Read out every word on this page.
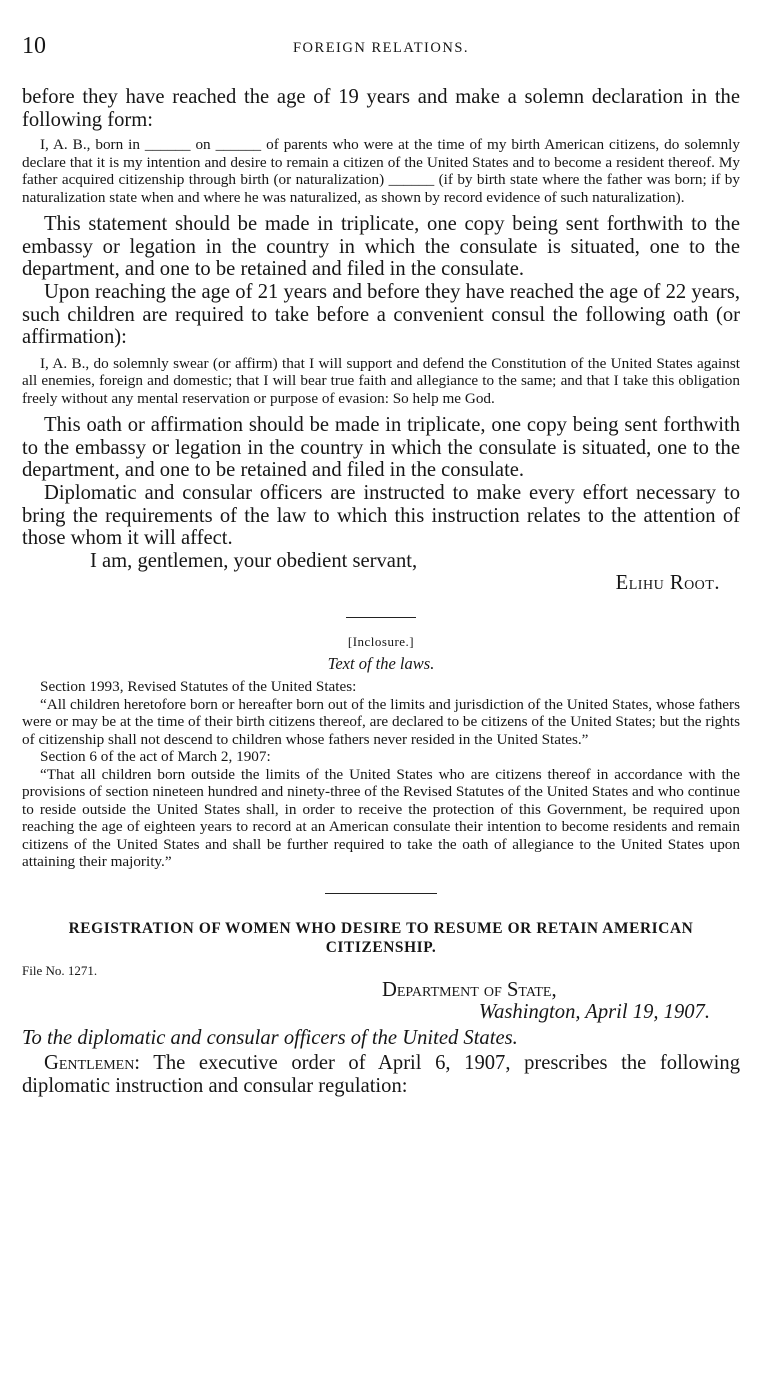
10	FOREIGN RELATIONS.

before they have reached the age of 19 years and make a solemn declaration in the following form:

I, A. B., born in ______ on ______ of parents who were at the time of my birth American citizens, do solemnly declare that it is my intention and desire to remain a citizen of the United States and to become a resident thereof. My father acquired citizenship through birth (or naturalization) ______ (if by birth state where the father was born; if by naturalization state when and where he was naturalized, as shown by record evidence of such naturalization).

This statement should be made in triplicate, one copy being sent forthwith to the embassy or legation in the country in which the consulate is situated, one to the department, and one to be retained and filed in the consulate.

Upon reaching the age of 21 years and before they have reached the age of 22 years, such children are required to take before a convenient consul the following oath (or affirmation):

I, A. B., do solemnly swear (or affirm) that I will support and defend the Constitution of the United States against all enemies, foreign and domestic; that I will bear true faith and allegiance to the same; and that I take this obligation freely without any mental reservation or purpose of evasion: So help me God.

This oath or affirmation should be made in triplicate, one copy being sent forthwith to the embassy or legation in the country in which the consulate is situated, one to the department, and one to be retained and filed in the consulate.

Diplomatic and consular officers are instructed to make every effort necessary to bring the requirements of the law to which this instruction relates to the attention of those whom it will affect.

I am, gentlemen, your obedient servant,

Elihu Root.

[Inclosure.]

Text of the laws.

Section 1993, Revised Statutes of the United States:

“All children heretofore born or hereafter born out of the limits and jurisdiction of the United States, whose fathers were or may be at the time of their birth citizens thereof, are declared to be citizens of the United States; but the rights of citizenship shall not descend to children whose fathers never resided in the United States.”

Section 6 of the act of March 2, 1907:

“That all children born outside the limits of the United States who are citizens thereof in accordance with the provisions of section nineteen hundred and ninety-three of the Revised Statutes of the United States and who continue to reside outside the United States shall, in order to receive the protection of this Government, be required upon reaching the age of eighteen years to record at an American consulate their intention to become residents and remain citizens of the United States and shall be further required to take the oath of allegiance to the United States upon attaining their majority.”

REGISTRATION OF WOMEN WHO DESIRE TO RESUME OR RETAIN AMERICAN CITIZENSHIP.

File No. 1271.

Department of State,

Washington, April 19, 1907.

To the diplomatic and consular officers of the United States.

Gentlemen: The executive order of April 6, 1907, prescribes the following diplomatic instruction and consular regulation:
